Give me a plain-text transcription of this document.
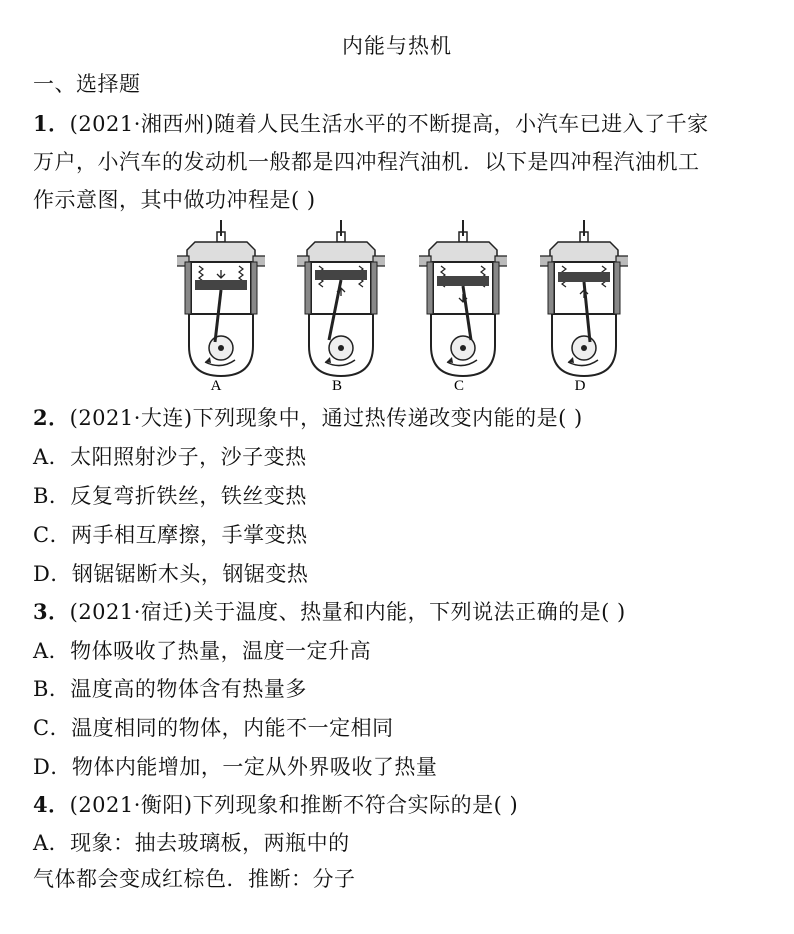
内能与热机
一、选择题
1．(2021·湘西州)随着人民生活水平的不断提高，小汽车已进入了千家
万户，小汽车的发动机一般都是四冲程汽油机．以下是四冲程汽油机工
作示意图，其中做功冲程是( )
A	B	C	D
2．(2021·大连)下列现象中，通过热传递改变内能的是( )
A．太阳照射沙子，沙子变热
B．反复弯折铁丝，铁丝变热
C．两手相互摩擦，手掌变热
D．钢锯锯断木头，钢锯变热
3．(2021·宿迁)关于温度、热量和内能，下列说法正确的是( )
A．物体吸收了热量，温度一定升高
B．温度高的物体含有热量多
C．温度相同的物体，内能不一定相同
D．物体内能增加，一定从外界吸收了热量
4．(2021·衡阳)下列现象和推断不符合实际的是( )
A．现象：抽去玻璃板，两瓶中的
气体都会变成红棕色．推断：分子
